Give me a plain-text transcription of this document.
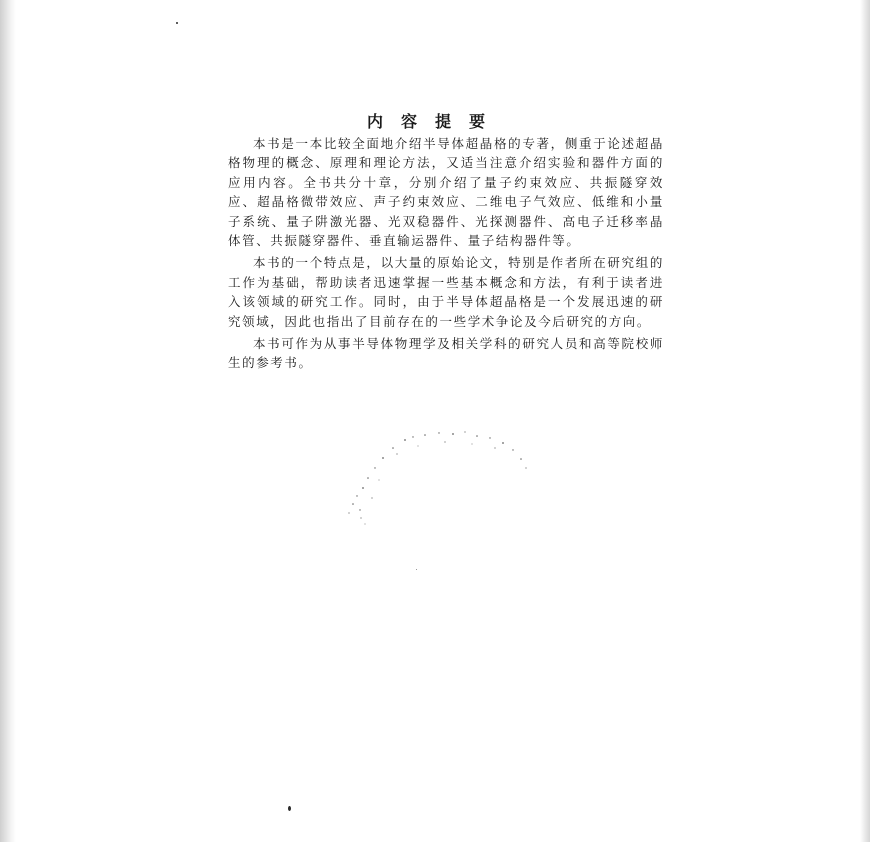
内容提要

本书是一本比较全面地介绍半导体超晶格的专著，侧重于论述超晶格物理的概念、原理和理论方法，又适当注意介绍实验和器件方面的应用内容。全书共分十章，分别介绍了量子约束效应、共振隧穿效应、超晶格微带效应、声子约束效应、二维电子气效应、低维和小量子系统、量子阱激光器、光双稳器件、光探测器件、高电子迁移率晶体管、共振隧穿器件、垂直输运器件、量子结构器件等。

本书的一个特点是，以大量的原始论文，特别是作者所在研究组的工作为基础，帮助读者迅速掌握一些基本概念和方法，有利于读者进入该领域的研究工作。同时，由于半导体超晶格是一个发展迅速的研究领域，因此也指出了目前存在的一些学术争论及今后研究的方向。

本书可作为从事半导体物理学及相关学科的研究人员和高等院校师生的参考书。
